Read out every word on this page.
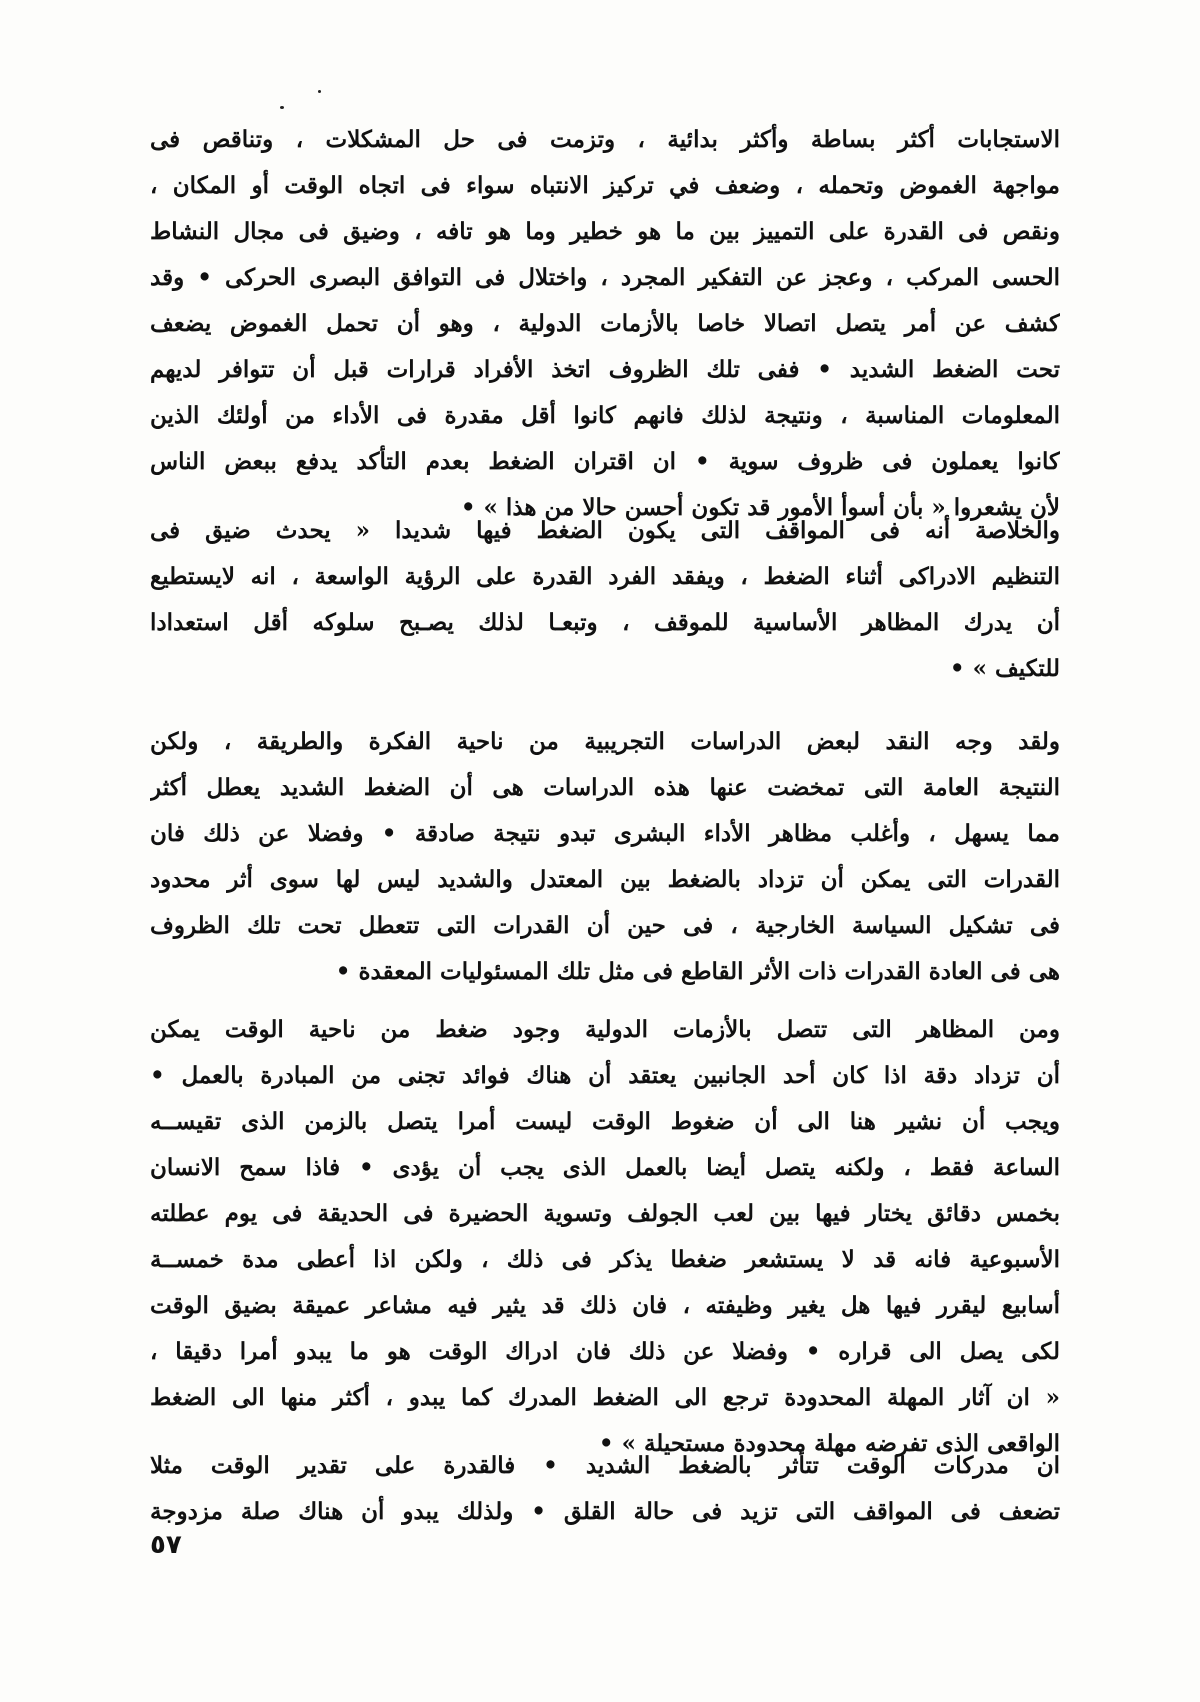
الاستجابات أكثر بساطة وأكثر بدائية ، وتزمت فى حل المشكلات ، وتناقص فى
مواجهة الغموض وتحمله ، وضعف في تركيز الانتباه سواء فى اتجاه الوقت أو المكان ،
ونقص فى القدرة على التمييز بين ما هو خطير وما هو تافه ، وضيق فى مجال النشاط
الحسى المركب ، وعجز عن التفكير المجرد ، واختلال فى التوافق البصرى الحركى • وقد
كشف عن أمر يتصل اتصالا خاصا بالأزمات الدولية ، وهو أن تحمل الغموض يضعف
تحت الضغط الشديد • ففى تلك الظروف اتخذ الأفراد قرارات قبل أن تتوافر لديهم
المعلومات المناسبة ، ونتيجة لذلك فانهم كانوا أقل مقدرة فى الأداء من أولئك الذين
كانوا يعملون فى ظروف سوية • ان اقتران الضغط بعدم التأكد يدفع ببعض الناس
لأن يشعروا « بأن أسوأ الأمور قد تكون أحسن حالا من هذا » •
والخلاصة أنه فى المواقف التى يكون الضغط فيها شديدا « يحدث ضيق فى
التنظيم الادراكى أثناء الضغط ، ويفقد الفرد القدرة على الرؤية الواسعة ، انه لايستطيع
أن يدرك المظاهر الأساسية للموقف ، وتبعـا لذلك يصـبح سلوكه أقل استعدادا
للتكيف » •
ولقد وجه النقد لبعض الدراسات التجريبية من ناحية الفكرة والطريقة ، ولكن
النتيجة العامة التى تمخضت عنها هذه الدراسات هى أن الضغط الشديد يعطل أكثر
مما يسهل ، وأغلب مظاهر الأداء البشرى تبدو نتيجة صادقة • وفضلا عن ذلك فان
القدرات التى يمكن أن تزداد بالضغط بين المعتدل والشديد ليس لها سوى أثر محدود
فى تشكيل السياسة الخارجية ، فى حين أن القدرات التى تتعطل تحت تلك الظروف
هى فى العادة القدرات ذات الأثر القاطع فى مثل تلك المسئوليات المعقدة •
ومن المظاهر التى تتصل بالأزمات الدولية وجود ضغط من ناحية الوقت يمكن
أن تزداد دقة اذا كان أحد الجانبين يعتقد أن هناك فوائد تجنى من المبادرة بالعمل •
ويجب أن نشير هنا الى أن ضغوط الوقت ليست أمرا يتصل بالزمن الذى تقيســه
الساعة فقط ، ولكنه يتصل أيضا بالعمل الذى يجب أن يؤدى • فاذا سمح الانسان
بخمس دقائق يختار فيها بين لعب الجولف وتسوية الحضيرة فى الحديقة فى يوم عطلته
الأسبوعية فانه قد لا يستشعر ضغطا يذكر فى ذلك ، ولكن اذا أعطى مدة خمســة
أسابيع ليقرر فيها هل يغير وظيفته ، فان ذلك قد يثير فيه مشاعر عميقة بضيق الوقت
لكى يصل الى قراره • وفضلا عن ذلك فان ادراك الوقت هو ما يبدو أمرا دقيقا ،
« ان آثار المهلة المحدودة ترجع الى الضغط المدرك كما يبدو ، أكثر منها الى الضغط
الواقعى الذى تفرضه مهلة محدودة مستحيلة » •
ان مدركات الوقت تتأثر بالضغط الشديد • فالقدرة على تقدير الوقت مثلا
تضعف فى المواقف التى تزيد فى حالة القلق • ولذلك يبدو أن هناك صلة مزدوجة
٥٧
